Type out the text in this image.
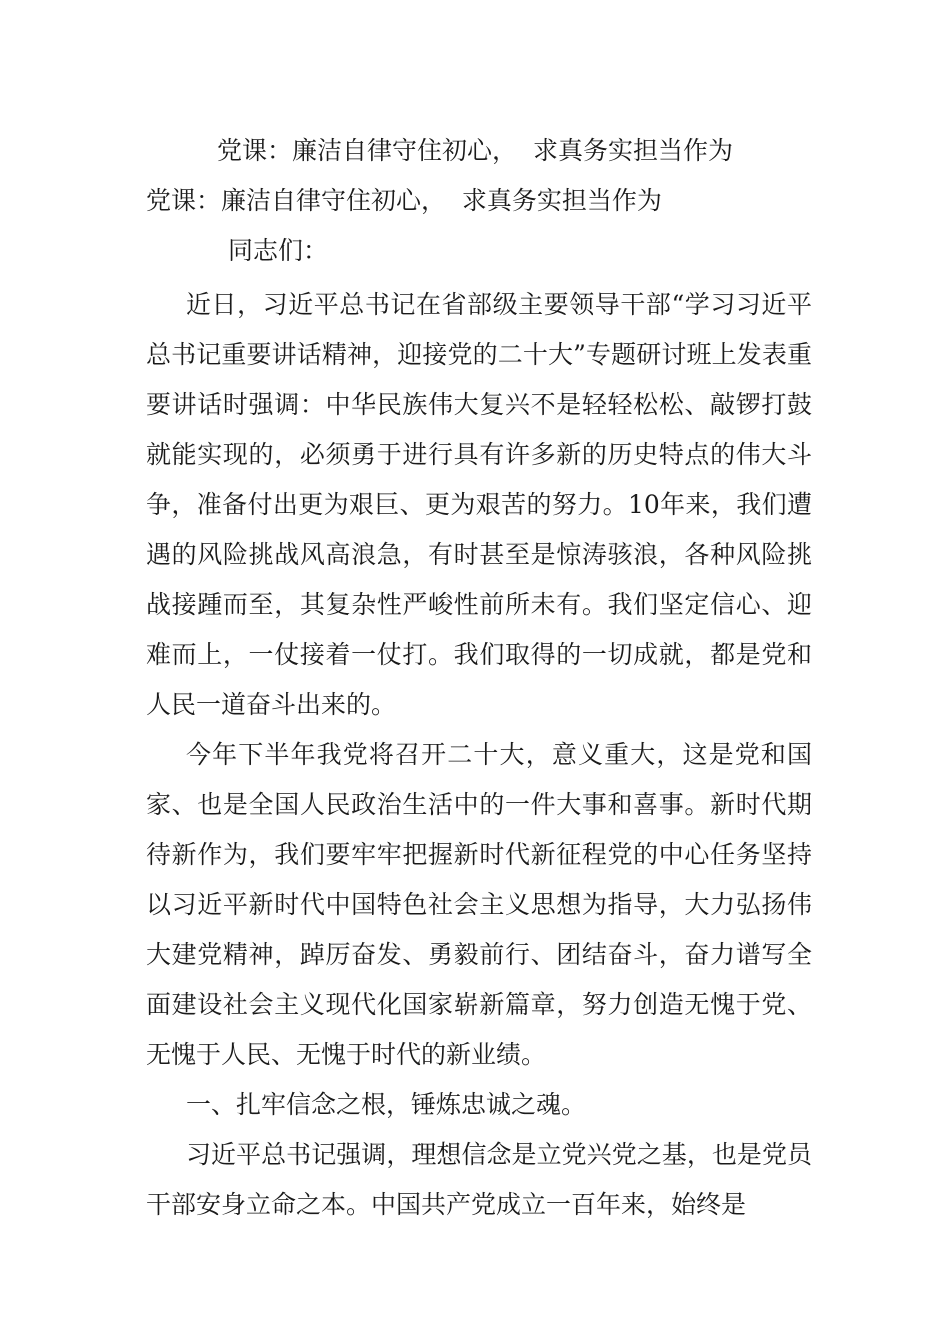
党课：廉洁自律守住初心，  求真务实担当作为
党课：廉洁自律守住初心，  求真务实担当作为
同志们：

近日，习近平总书记在省部级主要领导干部“学习习近平总书记重要讲话精神，迎接党的二十大”专题研讨班上发表重要讲话时强调：中华民族伟大复兴不是轻轻松松、敲锣打鼓就能实现的，必须勇于进行具有许多新的历史特点的伟大斗争，准备付出更为艰巨、更为艰苦的努力。10年来，我们遭遇的风险挑战风高浪急，有时甚至是惊涛骇浪，各种风险挑战接踵而至，其复杂性严峻性前所未有。我们坚定信心、迎难而上，一仗接着一仗打。我们取得的一切成就，都是党和人民一道奋斗出来的。

今年下半年我党将召开二十大，意义重大，这是党和国家、也是全国人民政治生活中的一件大事和喜事。新时代期待新作为，我们要牢牢把握新时代新征程党的中心任务坚持以习近平新时代中国特色社会主义思想为指导，大力弘扬伟大建党精神，踔厉奋发、勇毅前行、团结奋斗，奋力谱写全面建设社会主义现代化国家崭新篇章，努力创造无愧于党、无愧于人民、无愧于时代的新业绩。

一、扎牢信念之根，锤炼忠诚之魂。

习近平总书记强调，理想信念是立党兴党之基，也是党员干部安身立命之本。中国共产党成立一百年来，始终是
